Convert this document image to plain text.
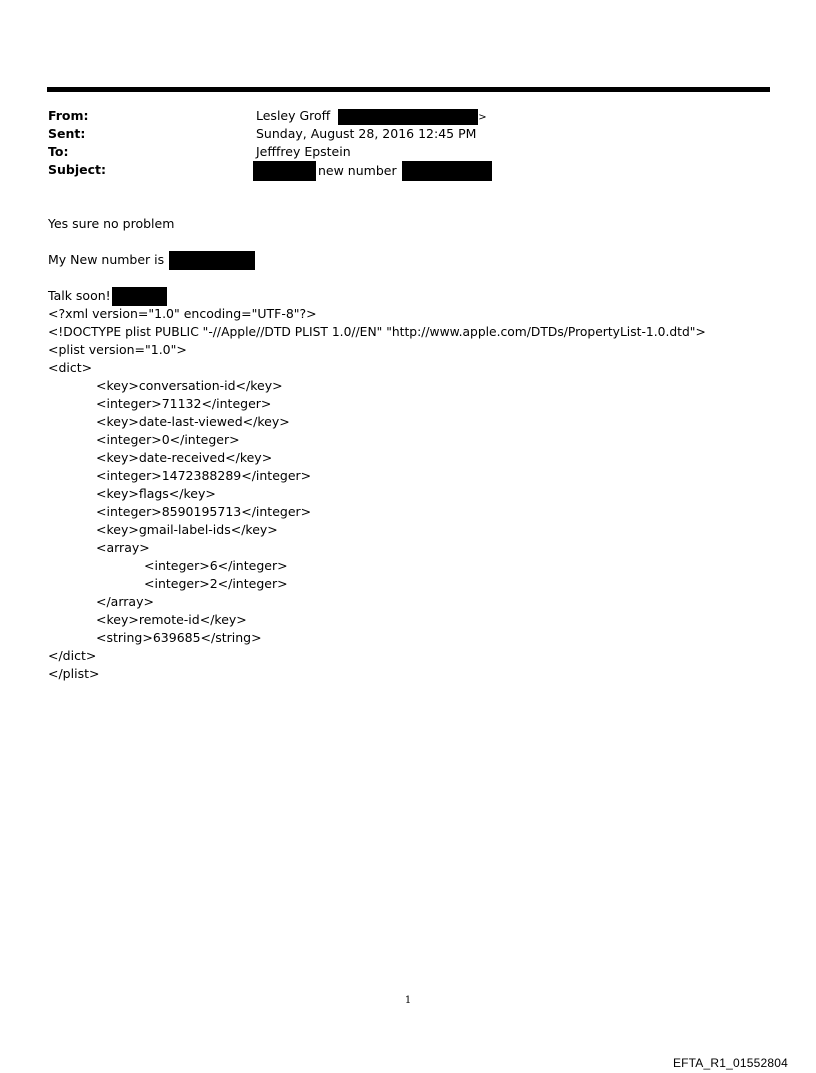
From:	Lesley Groff	>
Sent:	Sunday, August 28, 2016 12:45 PM
To:	Jefffrey Epstein
Subject:	new number
Yes sure no problem
My New number is
Talk soon!
<?xml version="1.0" encoding="UTF-8"?>
<!DOCTYPE plist PUBLIC "-//Apple//DTD PLIST 1.0//EN" "http://www.apple.com/DTDs/PropertyList-1.0.dtd">
<plist version="1.0">
<dict>
<key>conversation-id</key>
<integer>71132</integer>
<key>date-last-viewed</key>
<integer>0</integer>
<key>date-received</key>
<integer>1472388289</integer>
<key>flags</key>
<integer>8590195713</integer>
<key>gmail-label-ids</key>
<array>
<integer>6</integer>
<integer>2</integer>
</array>
<key>remote-id</key>
<string>639685</string>
</dict>
</plist>
1
EFTA_R1_01552804
